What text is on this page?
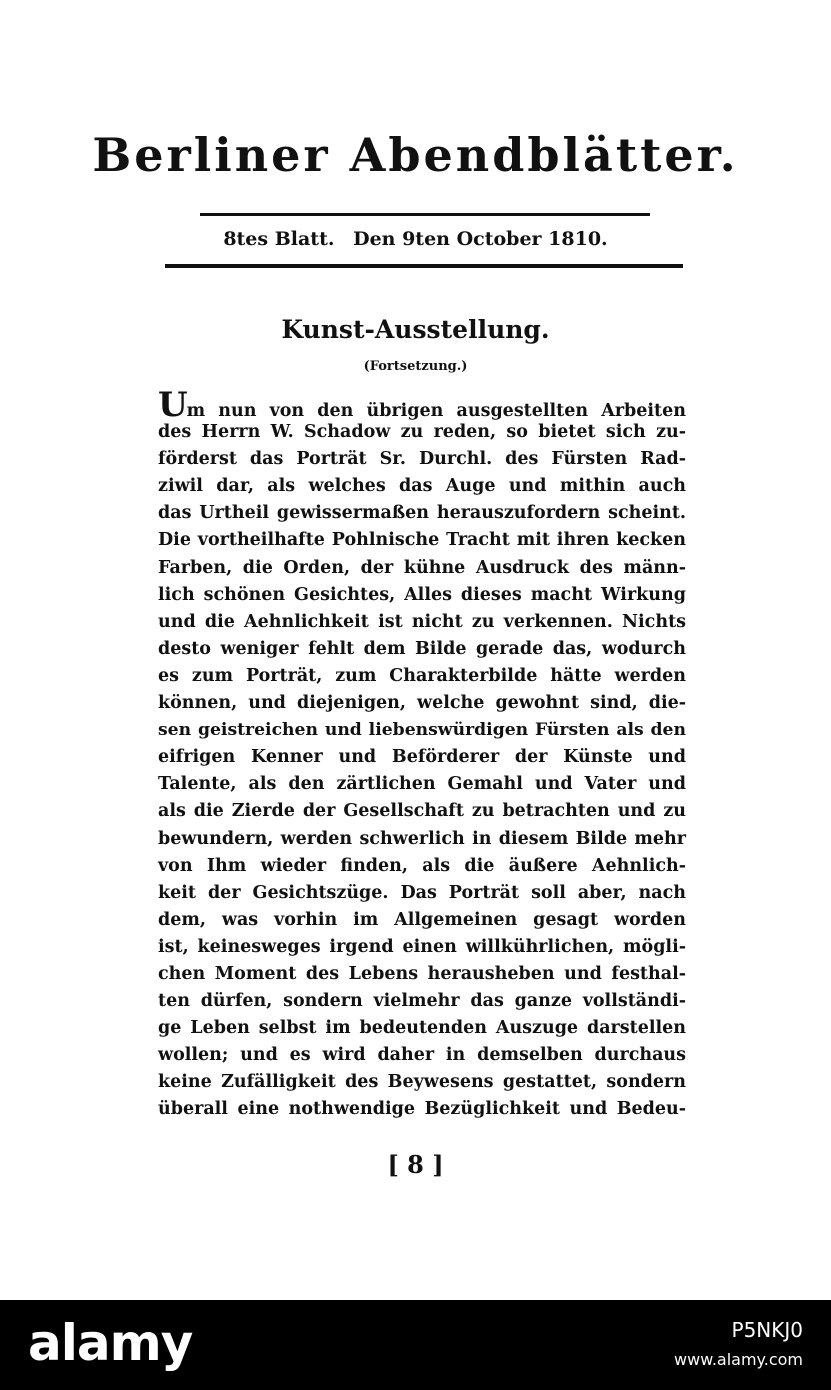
Berliner Abendblätter.
8tes Blatt. Den 9ten October 1810.
Kunst-Ausstellung.
(Fortsetzung.)
Um nun von den übrigen ausgestellten Arbeiten
des Herrn W. Schadow zu reden, so bietet sich zu-
förderst das Porträt Sr. Durchl. des Fürsten Rad-
ziwil dar, als welches das Auge und mithin auch
das Urtheil gewissermaßen herauszufordern scheint.
Die vortheilhafte Pohlnische Tracht mit ihren kecken
Farben, die Orden, der kühne Ausdruck des männ-
lich schönen Gesichtes, Alles dieses macht Wirkung
und die Aehnlichkeit ist nicht zu verkennen. Nichts
desto weniger fehlt dem Bilde gerade das, wodurch
es zum Porträt, zum Charakterbilde hätte werden
können, und diejenigen, welche gewohnt sind, die-
sen geistreichen und liebenswürdigen Fürsten als den
eifrigen Kenner und Beförderer der Künste und
Talente, als den zärtlichen Gemahl und Vater und
als die Zierde der Gesellschaft zu betrachten und zu
bewundern, werden schwerlich in diesem Bilde mehr
von Ihm wieder finden, als die äußere Aehnlich-
keit der Gesichtszüge. Das Porträt soll aber, nach
dem, was vorhin im Allgemeinen gesagt worden
ist, keinesweges irgend einen willkührlichen, mögli-
chen Moment des Lebens herausheben und festhal-
ten dürfen, sondern vielmehr das ganze vollständi-
ge Leben selbst im bedeutenden Auszuge darstellen
wollen; und es wird daher in demselben durchaus
keine Zufälligkeit des Beywesens gestattet, sondern
überall eine nothwendige Bezüglichkeit und Bedeu-
[ 8 ]
alamy	P5NKJ0
www.alamy.com
